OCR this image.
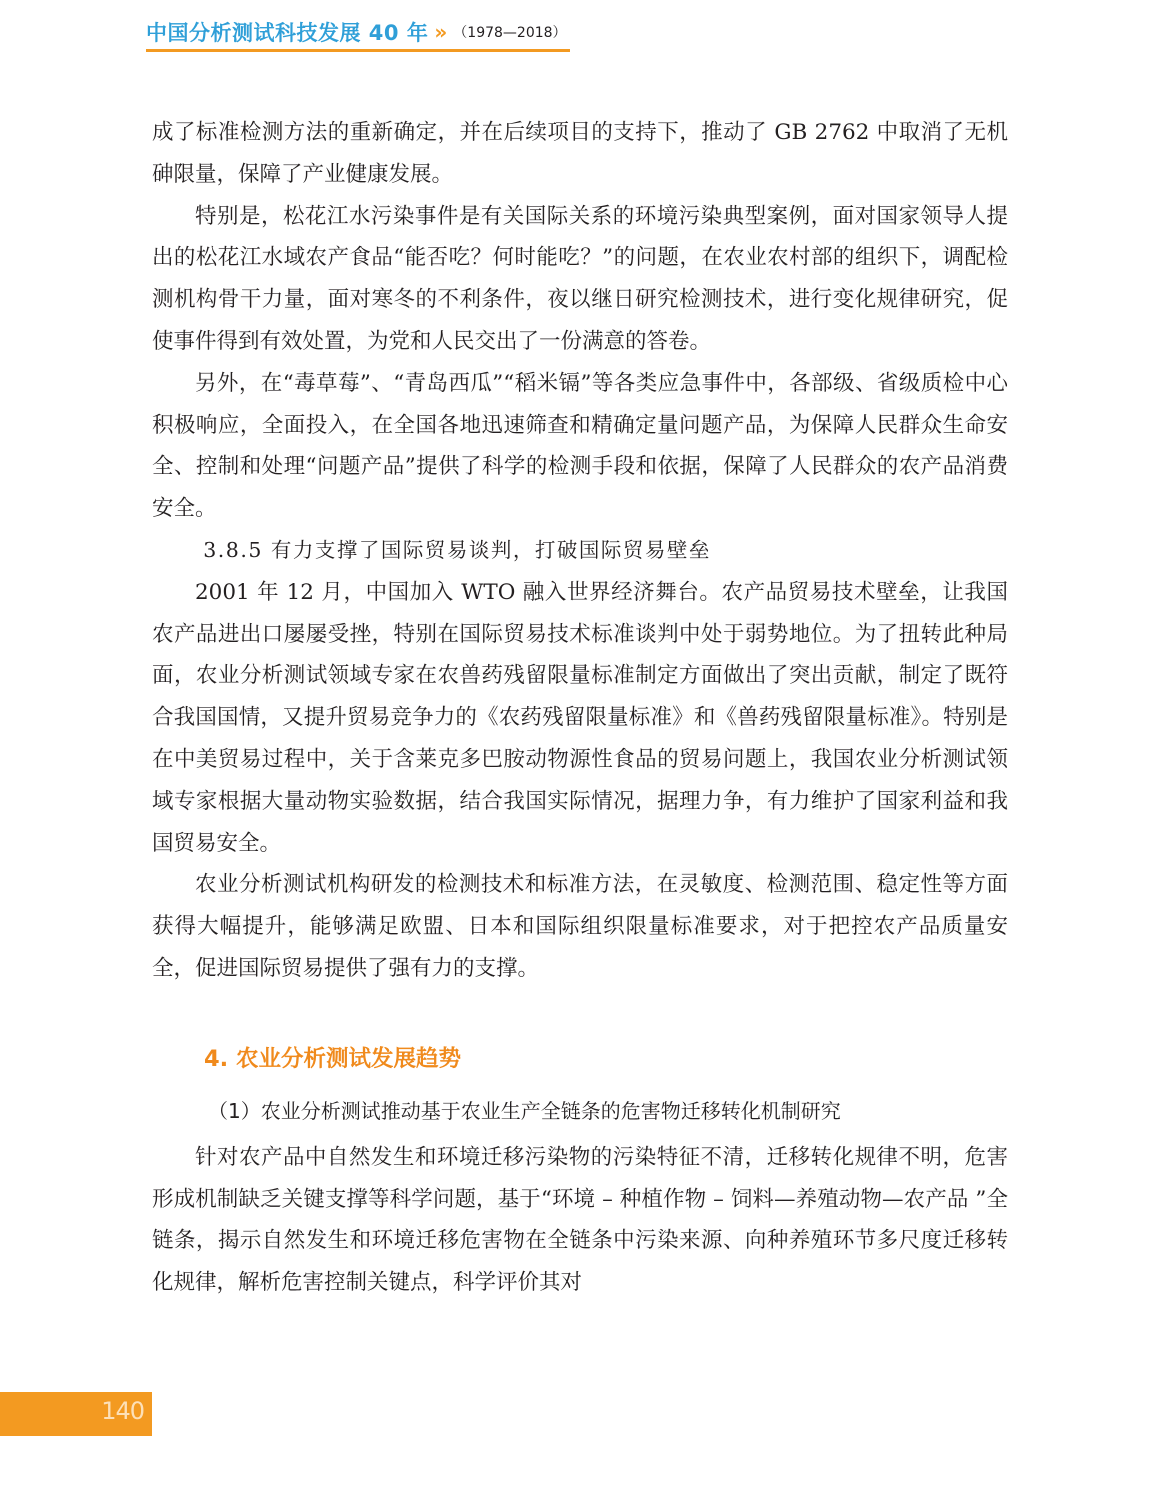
中国分析测试科技发展 40 年 » （1978—2018）

成了标准检测方法的重新确定，并在后续项目的支持下，推动了 GB 2762 中取消了无机砷限量，保障了产业健康发展。

特别是，松花江水污染事件是有关国际关系的环境污染典型案例，面对国家领导人提出的松花江水域农产食品“能否吃？何时能吃？”的问题，在农业农村部的组织下，调配检测机构骨干力量，面对寒冬的不利条件，夜以继日研究检测技术，进行变化规律研究，促使事件得到有效处置，为党和人民交出了一份满意的答卷。

另外，在“毒草莓”、“青岛西瓜”“稻米镉”等各类应急事件中，各部级、省级质检中心积极响应，全面投入，在全国各地迅速筛查和精确定量问题产品，为保障人民群众生命安全、控制和处理“问题产品”提供了科学的检测手段和依据，保障了人民群众的农产品消费安全。

3.8.5 有力支撑了国际贸易谈判，打破国际贸易壁垒

2001 年 12 月，中国加入 WTO 融入世界经济舞台。农产品贸易技术壁垒，让我国农产品进出口屡屡受挫，特别在国际贸易技术标准谈判中处于弱势地位。为了扭转此种局面，农业分析测试领域专家在农兽药残留限量标准制定方面做出了突出贡献，制定了既符合我国国情，又提升贸易竞争力的《农药残留限量标准》和《兽药残留限量标准》。特别是在中美贸易过程中，关于含莱克多巴胺动物源性食品的贸易问题上，我国农业分析测试领域专家根据大量动物实验数据，结合我国实际情况，据理力争，有力维护了国家利益和我国贸易安全。

农业分析测试机构研发的检测技术和标准方法，在灵敏度、检测范围、稳定性等方面获得大幅提升，能够满足欧盟、日本和国际组织限量标准要求，对于把控农产品质量安全，促进国际贸易提供了强有力的支撑。

4. 农业分析测试发展趋势

（1）农业分析测试推动基于农业生产全链条的危害物迁移转化机制研究

针对农产品中自然发生和环境迁移污染物的污染特征不清，迁移转化规律不明，危害形成机制缺乏关键支撑等科学问题，基于“环境 – 种植作物 – 饲料—养殖动物—农产品 ”全链条，揭示自然发生和环境迁移危害物在全链条中污染来源、向种养殖环节多尺度迁移转化规律，解析危害控制关键点，科学评价其对

140
